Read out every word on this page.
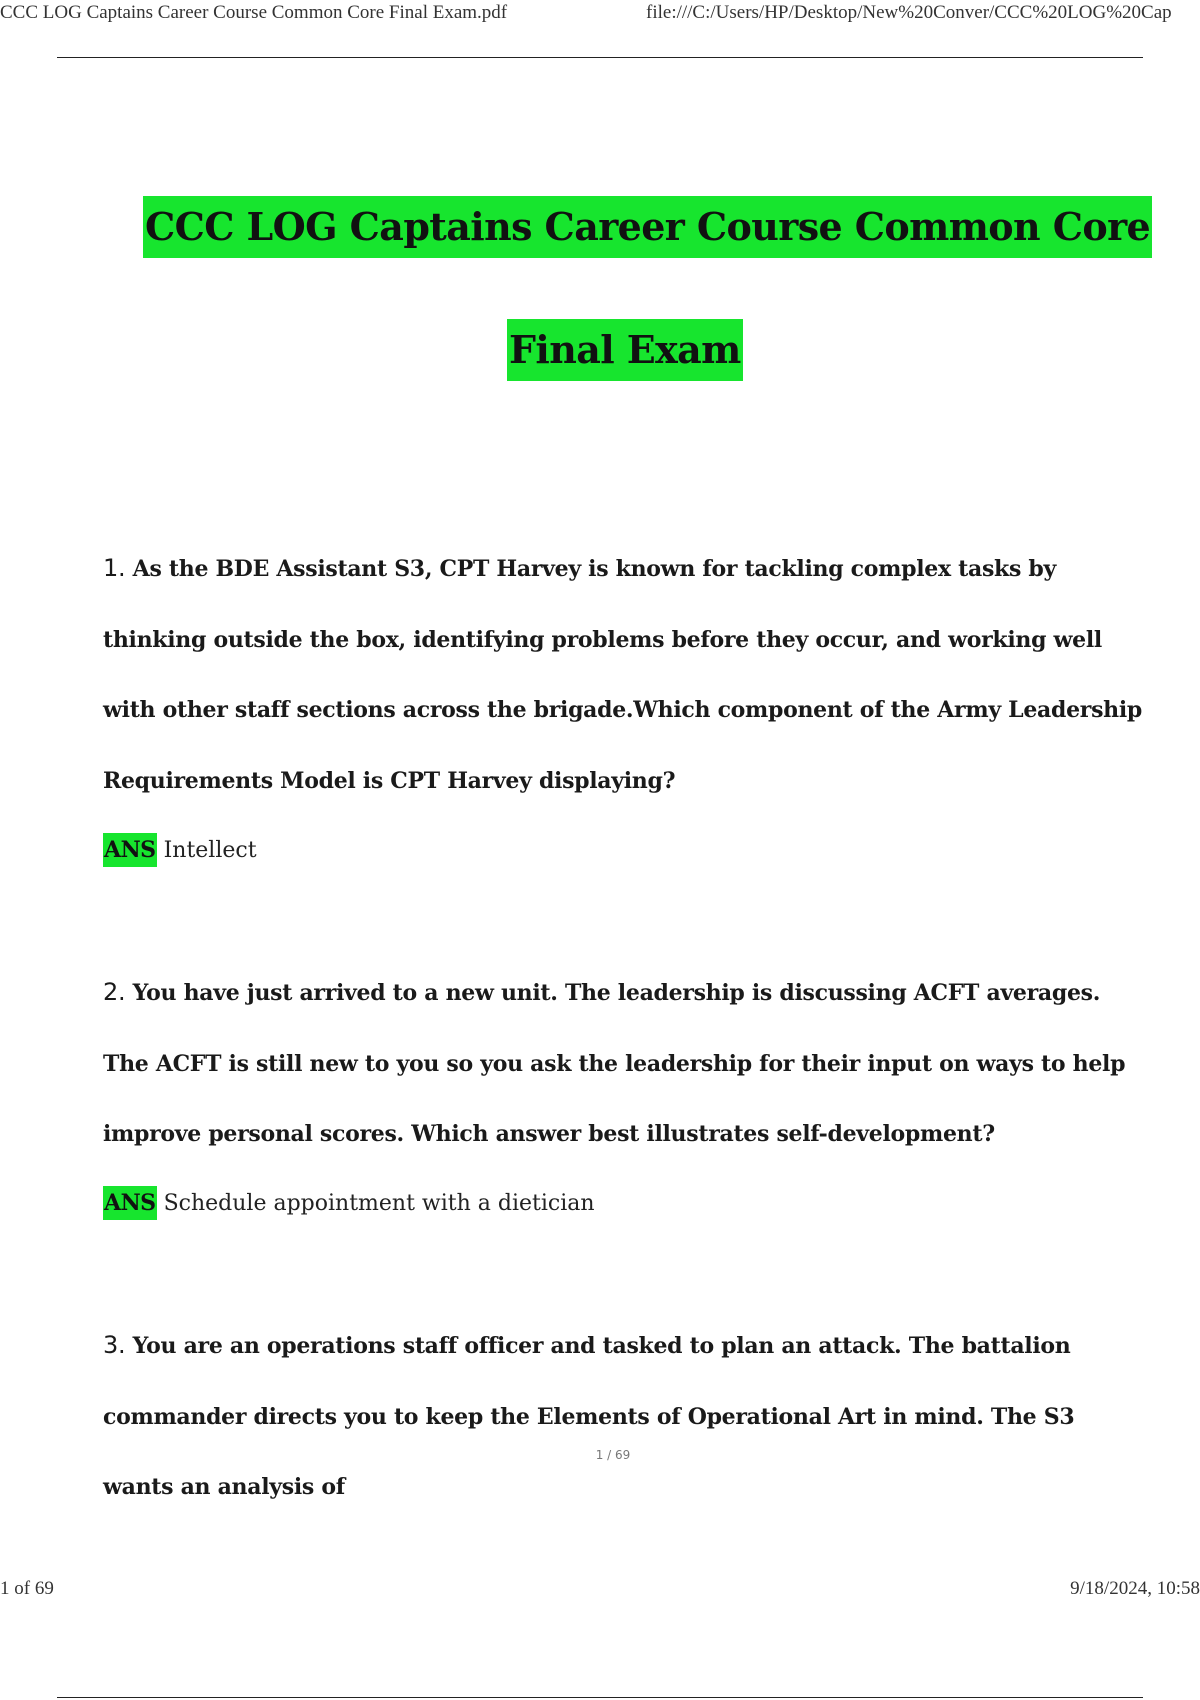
CCC LOG Captains Career Course Common Core Final Exam.pdf	file:///C:/Users/HP/Desktop/New%20Conver/CCC%20LOG%20Cap
CCC LOG Captains Career Course Common Core
Final Exam
1. As the BDE Assistant S3, CPT Harvey is known for tackling complex tasks by thinking outside the box, identifying problems before they occur, and working well with other staff sections across the brigade.Which component of the Army Leadership Requirements Model is CPT Harvey displaying?
ANS Intellect
2. You have just arrived to a new unit. The leadership is discussing ACFT averages. The ACFT is still new to you so you ask the leadership for their input on ways to help improve personal scores. Which answer best illustrates self-development?
ANS Schedule appointment with a dietician
3. You are an operations staff officer and tasked to plan an attack. The battalion commander directs you to keep the Elements of Operational Art in mind. The S3 wants an analysis of
1 / 69
1 of 69	9/18/2024, 10:58
